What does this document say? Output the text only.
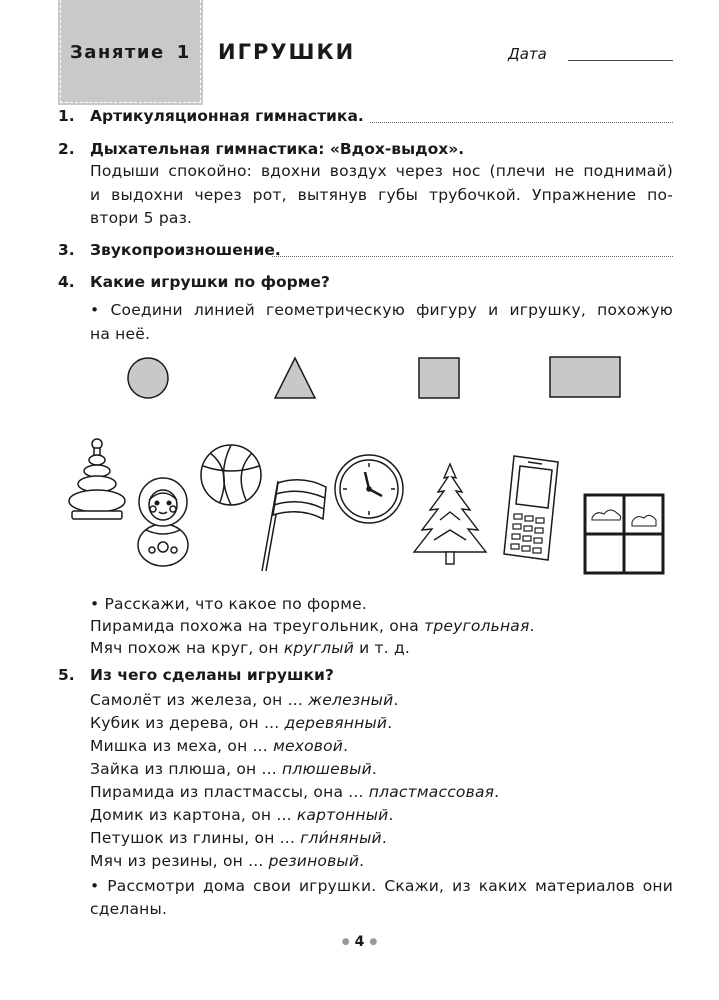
Занятие 1 ИГРУШКИ	Дата
1. Артикуляционная гимнастика.
2. Дыхательная гимнастика: «Вдох-выдох».
Подыши спокойно: вдохни воздух через нос (плечи не поднимай)
и выдохни через рот, вытянув губы трубочкой. Упражнение по-
втори 5 раз.
3. Звукопроизношение.
4. Какие игрушки по форме?
• Соедини линией геометрическую фигуру и игрушку, похожую
на неё.
• Расскажи, что какое по форме.
Пирамида похожа на треугольник, она треугольная.
Мяч похож на круг, он круглый и т. д.
5. Из чего сделаны игрушки?
Самолёт из железа, он ... железный.
Кубик из дерева, он ... деревянный.
Мишка из меха, он ... меховой.
Зайка из плюша, он ... плюшевый.
Пирамида из пластмассы, она ... пластмассовая.
Домик из картона, он ... картонный.
Петушок из глины, он ... гли́няный.
Мяч из резины, он ... резиновый.
• Рассмотри дома свои игрушки. Скажи, из каких материалов они
сделаны.
● 4 ●
